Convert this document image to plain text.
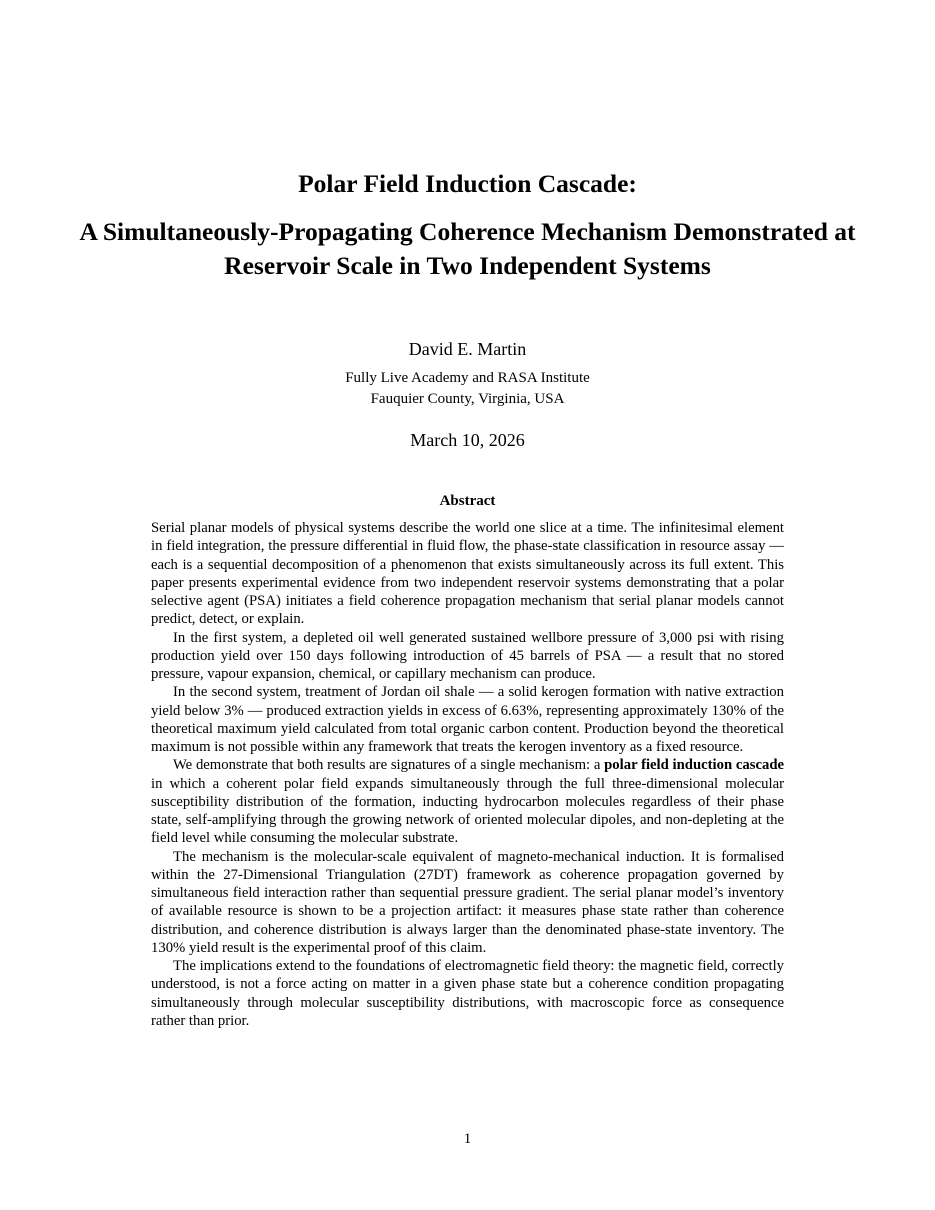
Polar Field Induction Cascade:
A Simultaneously-Propagating Coherence Mechanism Demonstrated at Reservoir Scale in Two Independent Systems
David E. Martin
Fully Live Academy and RASA Institute
Fauquier County, Virginia, USA
March 10, 2026
Abstract

Serial planar models of physical systems describe the world one slice at a time. The infinitesimal element in field integration, the pressure differential in fluid flow, the phase-state classification in resource assay — each is a sequential decomposition of a phenomenon that exists simultaneously across its full extent. This paper presents experimental evidence from two independent reservoir systems demonstrating that a polar selective agent (PSA) initiates a field coherence propagation mechanism that serial planar models cannot predict, detect, or explain.

In the first system, a depleted oil well generated sustained wellbore pressure of 3,000 psi with rising production yield over 150 days following introduction of 45 barrels of PSA — a result that no stored pressure, vapour expansion, chemical, or capillary mechanism can produce.

In the second system, treatment of Jordan oil shale — a solid kerogen formation with native extraction yield below 3% — produced extraction yields in excess of 6.63%, representing approximately 130% of the theoretical maximum yield calculated from total organic carbon content. Production beyond the theoretical maximum is not possible within any framework that treats the kerogen inventory as a fixed resource.

We demonstrate that both results are signatures of a single mechanism: a polar field induction cascade in which a coherent polar field expands simultaneously through the full three-dimensional molecular susceptibility distribution of the formation, inducting hydrocarbon molecules regardless of their phase state, self-amplifying through the growing network of oriented molecular dipoles, and non-depleting at the field level while consuming the molecular substrate.

The mechanism is the molecular-scale equivalent of magneto-mechanical induction. It is formalised within the 27-Dimensional Triangulation (27DT) framework as coherence propagation governed by simultaneous field interaction rather than sequential pressure gradient. The serial planar model’s inventory of available resource is shown to be a projection artifact: it measures phase state rather than coherence distribution, and coherence distribution is always larger than the denominated phase-state inventory. The 130% yield result is the experimental proof of this claim.

The implications extend to the foundations of electromagnetic field theory: the magnetic field, correctly understood, is not a force acting on matter in a given phase state but a coherence condition propagating simultaneously through molecular susceptibility distributions, with macroscopic force as consequence rather than prior.

1
